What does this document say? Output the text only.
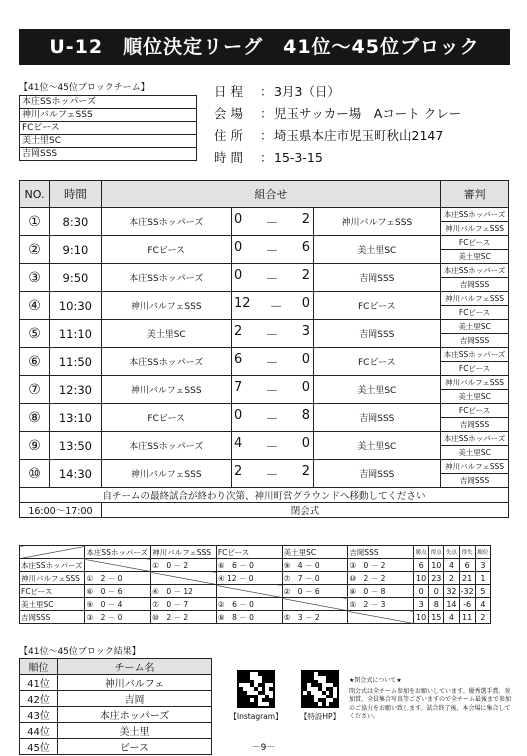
U-12　順位決定リーグ　41位～45位ブロック
【41位～45位ブロックチーム】
本庄SSホッパーズ
神川バルフェSSS
FCビース
美土里SC
吉岡SSS
日程	： 3月3（日）
会場	： 児玉サッカー場　Aコート クレー
住所	： 埼玉県本庄市児玉町秋山2147
時間	： 15-3-15
NO.	時間	組合せ			審判
①	8:30	本庄SSホッパーズ	0 － 2	神川バルフェSSS	本庄SSホッパーズ
					神川バルフェSSS
②	9:10	FCビース	0 － 6	美土里SC	FCビース
					美土里SC
③	9:50	本庄SSホッパーズ	0 － 2	吉岡SSS	本庄SSホッパーズ
					吉岡SSS
④	10:30	神川バルフェSSS	12 － 0	FCビース	神川バルフェSSS
					FCビース
⑤	11:10	美土里SC	2 － 3	吉岡SSS	美土里SC
					吉岡SSS
⑥	11:50	本庄SSホッパーズ	6 － 0	FCビース	本庄SSホッパーズ
					FCビース
⑦	12:30	神川バルフェSSS	7 － 0	美土里SC	神川バルフェSSS
					美土里SC
⑧	13:10	FCビース	0 － 8	吉岡SSS	FCビース
					吉岡SSS
⑨	13:50	本庄SSホッパーズ	4 － 0	美土里SC	本庄SSホッパーズ
					美土里SC
⑩	14:30	神川バルフェSSS	2 － 2	吉岡SSS	神川バルフェSSS
					吉岡SSS
自チームの最終試合が終わり次第、神川町営グラウンドへ移動してください					
16:00～17:00		閉会式			
	本庄SSホッパーズ	神川バルフェSSS	FCビース	美土里SC	吉岡SSS	勝点	得点	失点	得失	順位
本庄SSホッパーズ		①　0 － 2	⑥　6 － 0	⑨　4 － 0	③　0 － 2	6	10	4	6	3
神川バルフェSSS	①　2 － 0		④ 12 － 0	⑦　7 － 0	⑩　2 － 2	10	23	2	21	1
FCビース	⑥　0 － 6	④　0 － 12		②　0 － 6	⑧　0 － 8	0	0	32	-32	5
美土里SC	⑨　0 － 4	⑦　0 － 7	②　6 － 0		⑤　2 － 3	3	8	14	-6	4
吉岡SSS	③　2 － 0	⑩　2 － 2	⑧　8 － 0	⑤　3 － 2		10	15	4	11	2
【41位～45位ブロック結果】
順位	チーム名
41位	神川バルフェ
42位	吉岡
43位	本庄ホッパーズ
44位	美土里
45位	ビース
【Instagram】	【特設HP】
★閉会式について★
閉会式は全チーム参加をお願いしています。優秀選手賞、参加賞、全員集合写真等ございますので全チーム最後まで参加のご協力をお願い致します。試合終了後、本会場に集合してください。
－9－
